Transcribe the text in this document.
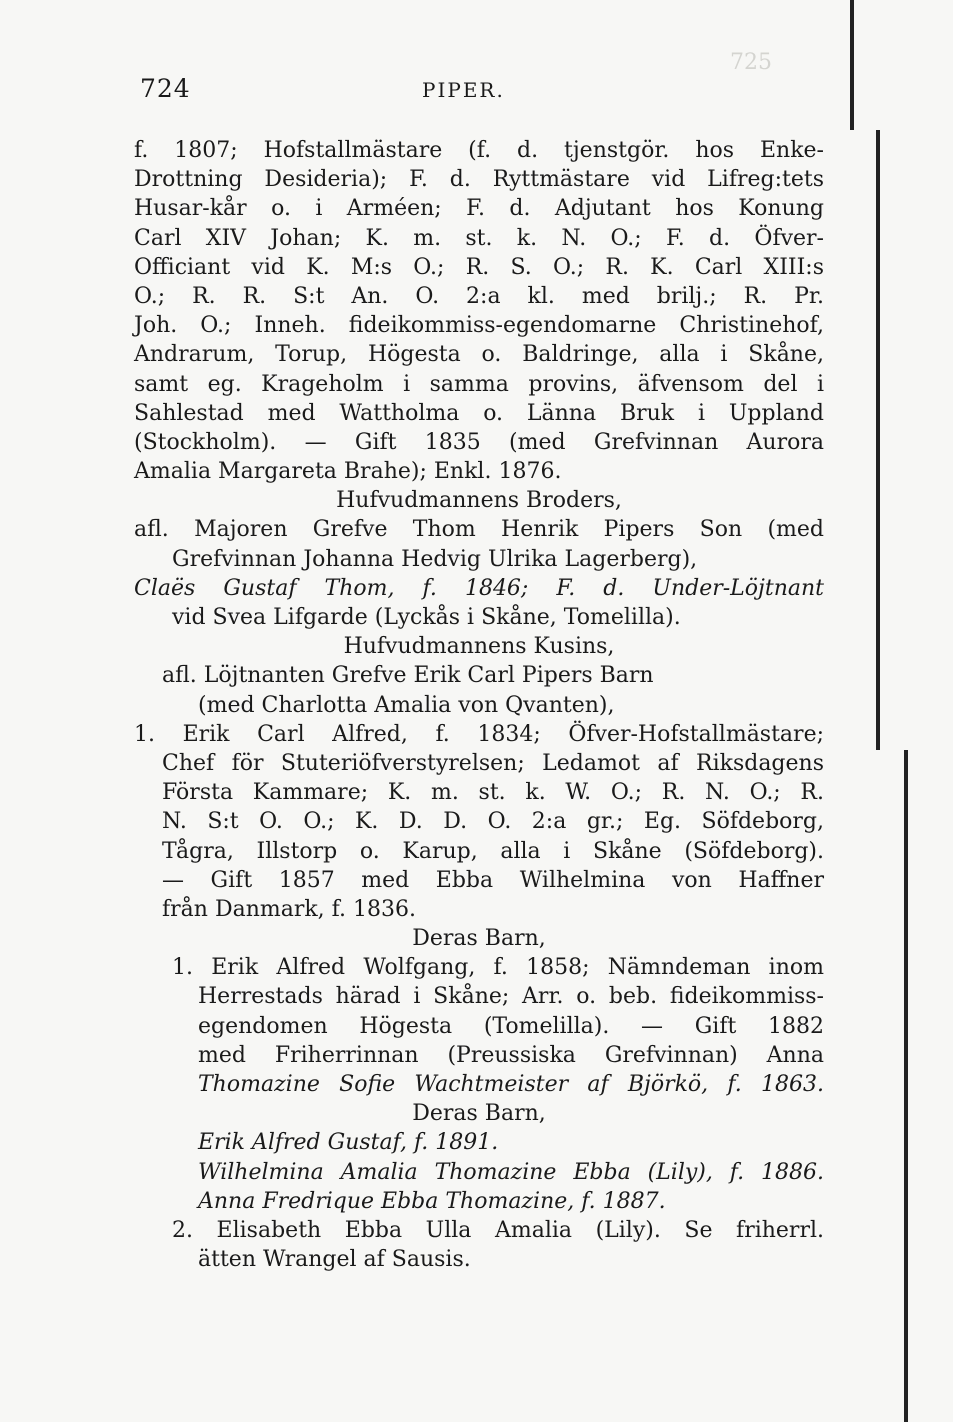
725
724	PIPER.
f. 1807; Hofstallmästare (f. d. tjenstgör. hos Enke-
Drottning Desideria); F. d. Ryttmästare vid Lifreg:tets
Husar-kår o. i Arméen; F. d. Adjutant hos Konung
Carl XIV Johan; K. m. st. k. N. O.; F. d. Öfver-
Officiant vid K. M:s O.; R. S. O.; R. K. Carl XIII:s
O.; R. R. S:t An. O. 2:a kl. med brilj.; R. Pr.
Joh. O.; Inneh. fideikommiss-egendomarne Christinehof,
Andrarum, Torup, Högesta o. Baldringe, alla i Skåne,
samt eg. Krageholm i samma provins, äfvensom del i
Sahlestad med Wattholma o. Länna Bruk i Uppland
(Stockholm). — Gift 1835 (med Grefvinnan Aurora
Amalia Margareta Brahe); Enkl. 1876.
Hufvudmannens Broders,
afl. Majoren Grefve Thom Henrik Pipers Son (med
Grefvinnan Johanna Hedvig Ulrika Lagerberg),
Claës Gustaf Thom, f. 1846; F. d. Under-Löjtnant
vid Svea Lifgarde (Lyckås i Skåne, Tomelilla).
Hufvudmannens Kusins,
afl. Löjtnanten Grefve Erik Carl Pipers Barn
(med Charlotta Amalia von Qvanten),
1. Erik Carl Alfred, f. 1834; Öfver-Hofstallmästare;
Chef för Stuteriöfverstyrelsen; Ledamot af Riksdagens
Första Kammare; K. m. st. k. W. O.; R. N. O.; R.
N. S:t O. O.; K. D. D. O. 2:a gr.; Eg. Söfdeborg,
Tågra, Illstorp o. Karup, alla i Skåne (Söfdeborg).
— Gift 1857 med Ebba Wilhelmina von Haffner
från Danmark, f. 1836.
Deras Barn,
1. Erik Alfred Wolfgang, f. 1858; Nämndeman inom
Herrestads härad i Skåne; Arr. o. beb. fideikommiss-
egendomen Högesta (Tomelilla). — Gift 1882
med Friherrinnan (Preussiska Grefvinnan) Anna
Thomazine Sofie Wachtmeister af Björkö, f. 1863.
Deras Barn,
Erik Alfred Gustaf, f. 1891.
Wilhelmina Amalia Thomazine Ebba (Lily), f. 1886.
Anna Fredrique Ebba Thomazine, f. 1887.
2. Elisabeth Ebba Ulla Amalia (Lily). Se friherrl.
ätten Wrangel af Sausis.
